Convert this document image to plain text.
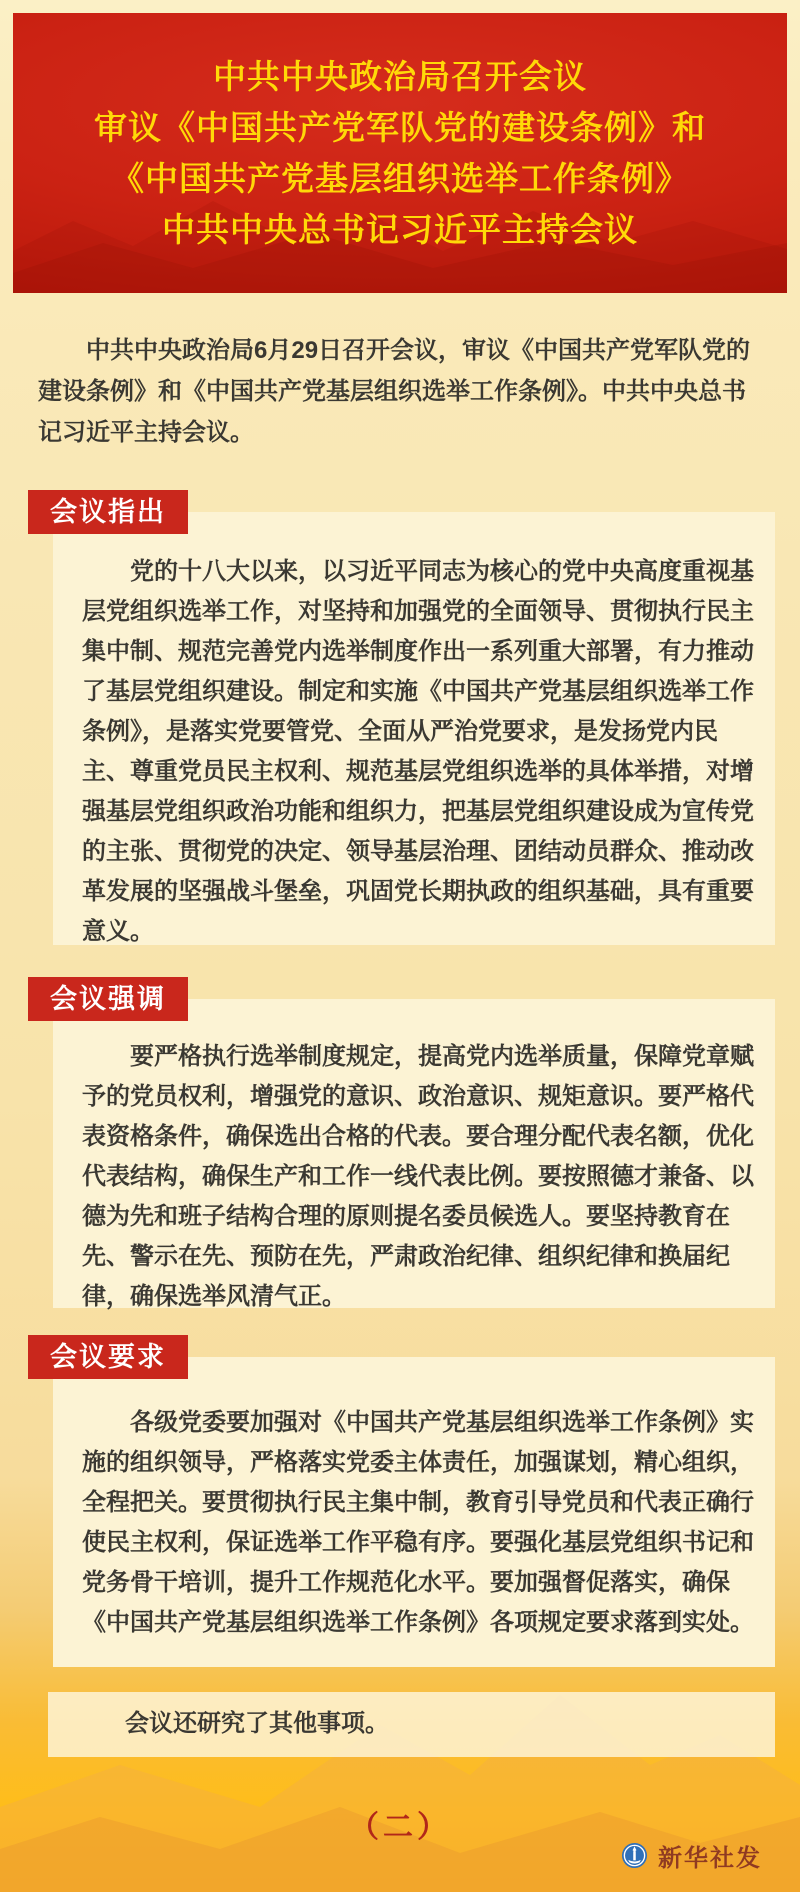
中共中央政治局召开会议
审议《中国共产党军队党的建设条例》和
《中国共产党基层组织选举工作条例》
中共中央总书记习近平主持会议

中共中央政治局6月29日召开会议，审议《中国共产党军队党的建设条例》和《中国共产党基层组织选举工作条例》。中共中央总书记习近平主持会议。

会议指出

党的十八大以来，以习近平同志为核心的党中央高度重视基层党组织选举工作，对坚持和加强党的全面领导、贯彻执行民主集中制、规范完善党内选举制度作出一系列重大部署，有力推动了基层党组织建设。制定和实施《中国共产党基层组织选举工作条例》，是落实党要管党、全面从严治党要求，是发扬党内民主、尊重党员民主权利、规范基层党组织选举的具体举措，对增强基层党组织政治功能和组织力，把基层党组织建设成为宣传党的主张、贯彻党的决定、领导基层治理、团结动员群众、推动改革发展的坚强战斗堡垒，巩固党长期执政的组织基础，具有重要意义。

会议强调

要严格执行选举制度规定，提高党内选举质量，保障党章赋予的党员权利，增强党的意识、政治意识、规矩意识。要严格代表资格条件，确保选出合格的代表。要合理分配代表名额，优化代表结构，确保生产和工作一线代表比例。要按照德才兼备、以德为先和班子结构合理的原则提名委员候选人。要坚持教育在先、警示在先、预防在先，严肃政治纪律、组织纪律和换届纪律，确保选举风清气正。

会议要求

各级党委要加强对《中国共产党基层组织选举工作条例》实施的组织领导，严格落实党委主体责任，加强谋划，精心组织，全程把关。要贯彻执行民主集中制，教育引导党员和代表正确行使民主权利，保证选举工作平稳有序。要强化基层党组织书记和党务骨干培训，提升工作规范化水平。要加强督促落实，确保《中国共产党基层组织选举工作条例》各项规定要求落到实处。

会议还研究了其他事项。

（二）
新华社发
